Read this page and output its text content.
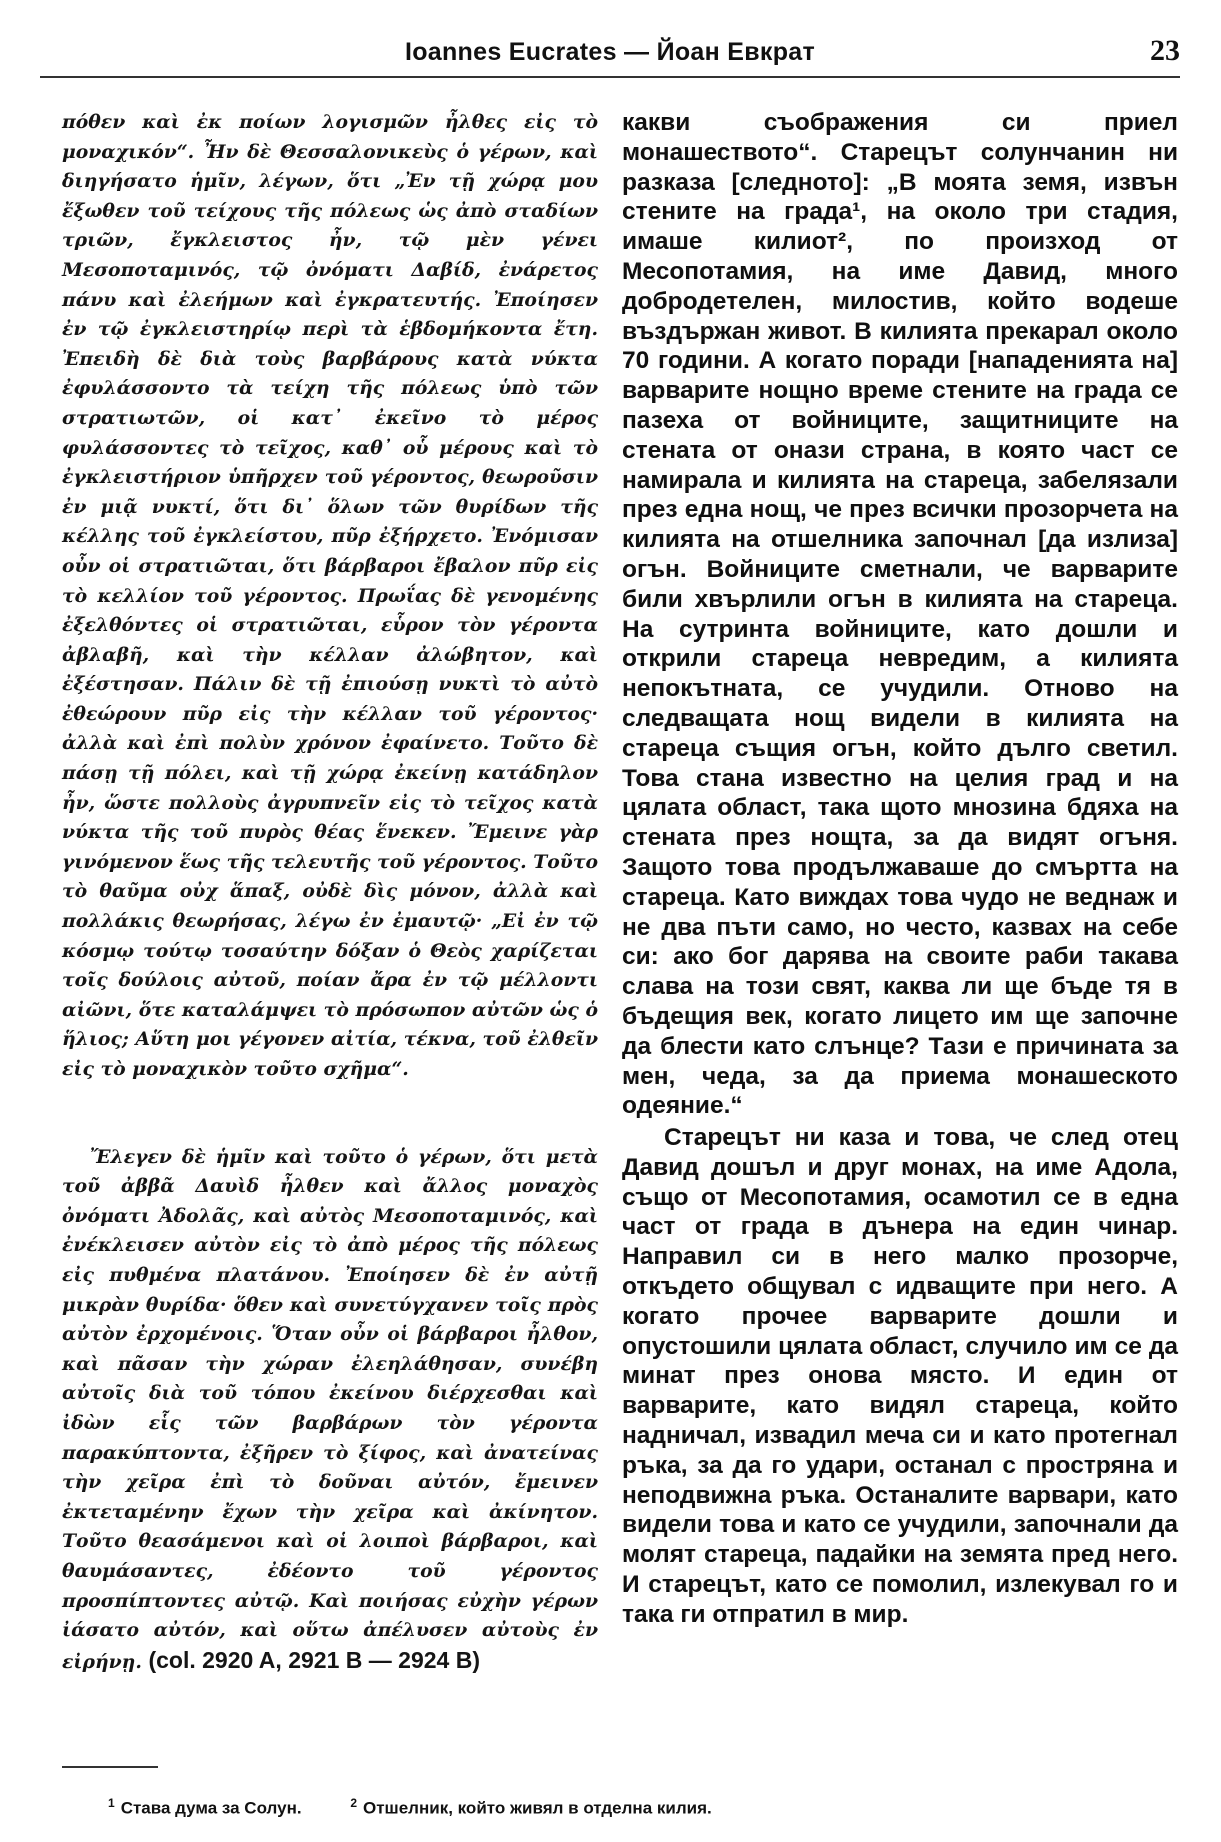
Ioannes Eucrates — Йоан Евкрат	23

πόθεν καὶ ἐκ ποίων λογισμῶν ἦλθες εἰς τὸ μοναχικόν“. Ἦν δὲ Θεσσαλονικεὺς ὁ γέρων, καὶ διηγήσατο ἡμῖν, λέγων, ὅτι „Ἐν τῇ χώρᾳ μου ἔξωθεν τοῦ τείχους τῆς πόλεως ὡς ἀπὸ σταδίων τριῶν, ἔγκλειστος ἦν, τῷ μὲν γένει Μεσοποταμινός, τῷ ὀνόματι Δαβίδ, ἐνάρετος πάνυ καὶ ἐλεήμων καὶ ἐγκρατευτής. Ἐποίησεν ἐν τῷ ἐγκλειστηρίῳ περὶ τὰ ἑβδομήκοντα ἔτη. Ἐπειδὴ δὲ διὰ τοὺς βαρβάρους κατὰ νύκτα ἐφυλάσσοντο τὰ τείχη τῆς πόλεως ὑπὸ τῶν στρατιωτῶν, οἱ κατ᾽ ἐκεῖνο τὸ μέρος φυλάσσοντες τὸ τεῖχος, καθ᾽ οὗ μέρους καὶ τὸ ἐγκλειστήριον ὑπῆρχεν τοῦ γέροντος, θεωροῦσιν ἐν μιᾷ νυκτί, ὅτι δι᾽ ὅλων τῶν θυρίδων τῆς κέλλης τοῦ ἐγκλείστου, πῦρ ἐξήρχετο. Ἐνόμισαν οὖν οἱ στρατιῶται, ὅτι βάρβαροι ἔβαλον πῦρ εἰς τὸ κελλίον τοῦ γέροντος. Πρωΐας δὲ γενομένης ἐξελθόντες οἱ στρατιῶται, εὗρον τὸν γέροντα ἀβλαβῆ, καὶ τὴν κέλλαν ἀλώβητον, καὶ ἐξέστησαν. Πάλιν δὲ τῇ ἐπιούσῃ νυκτὶ τὸ αὐτὸ ἐθεώρουν πῦρ εἰς τὴν κέλλαν τοῦ γέροντος· ἀλλὰ καὶ ἐπὶ πολὺν χρόνον ἐφαίνετο. Τοῦτο δὲ πάσῃ τῇ πόλει, καὶ τῇ χώρᾳ ἐκείνῃ κατάδηλον ἦν, ὥστε πολλοὺς ἀγρυπνεῖν εἰς τὸ τεῖχος κατὰ νύκτα τῆς τοῦ πυρὸς θέας ἕνεκεν. Ἔμεινε γὰρ γινόμενον ἕως τῆς τελευτῆς τοῦ γέροντος. Τοῦτο τὸ θαῦμα οὐχ ἅπαξ, οὐδὲ δὶς μόνον, ἀλλὰ καὶ πολλάκις θεωρήσας, λέγω ἐν ἐμαυτῷ· „Εἰ ἐν τῷ κόσμῳ τούτῳ τοσαύτην δόξαν ὁ Θεὸς χαρίζεται τοῖς δούλοις αὐτοῦ, ποίαν ἄρα ἐν τῷ μέλλοντι αἰῶνι, ὅτε καταλάμψει τὸ πρόσωπον αὐτῶν ὡς ὁ ἥλιος; Αὕτη μοι γέγονεν αἰτία, τέκνα, τοῦ ἐλθεῖν εἰς τὸ μοναχικὸν τοῦτο σχῆμα“.

Ἔλεγεν δὲ ἡμῖν καὶ τοῦτο ὁ γέρων, ὅτι μετὰ τοῦ ἀββᾶ Δαυὶδ ἦλθεν καὶ ἄλλος μοναχὸς ὀνόματι Ἀδολᾶς, καὶ αὐτὸς Μεσοποταμινός, καὶ ἐνέκλεισεν αὐτὸν εἰς τὸ ἀπὸ μέρος τῆς πόλεως εἰς πυθμένα πλατάνου. Ἐποίησεν δὲ ἐν αὐτῇ μικρὰν θυρίδα· ὅθεν καὶ συνετύγχανεν τοῖς πρὸς αὐτὸν ἐρχομένοις. Ὅταν οὖν οἱ βάρβαροι ἦλθον, καὶ πᾶσαν τὴν χώραν ἐλεηλάθησαν, συνέβη αὐτοῖς διὰ τοῦ τόπου ἐκείνου διέρχεσθαι καὶ ἰδὼν εἷς τῶν βαρβάρων τὸν γέροντα παρακύπτοντα, ἐξῆρεν τὸ ξίφος, καὶ ἀνατείνας τὴν χεῖρα ἐπὶ τὸ δοῦναι αὐτόν, ἔμεινεν ἐκτεταμένην ἔχων τὴν χεῖρα καὶ ἀκίνητον. Τοῦτο θεασάμενοι καὶ οἱ λοιποὶ βάρβαροι, καὶ θαυμάσαντες, ἐδέοντο τοῦ γέροντος προσπίπτοντες αὐτῷ. Καὶ ποιήσας εὐχὴν γέρων ἰάσατο αὐτόν, καὶ οὕτω ἀπέλυσεν αὐτοὺς ἐν εἰρήνῃ. (col. 2920 A, 2921 B — 2924 B)

какви съображения си приел монашеството“. Старецът солунчанин ни разказа [следното]: „В моята земя, извън стените на града¹, на около три стадия, имаше килиот², по произход от Месопотамия, на име Давид, много добродетелен, милостив, който водеше въздържан живот. В килията прекарал около 70 години. А когато поради [нападенията на] варварите нощно време стените на града се пазеха от войниците, защитниците на стената от онази страна, в която част се намирала и килията на стареца, забелязали през една нощ, че през всички прозорчета на килията на отшелника започнал [да излиза] огън. Войниците сметнали, че варварите били хвърлили огън в килията на стареца. На сутринта войниците, като дошли и открили стареца невредим, а килията непокътната, се учудили. Отново на следващата нощ видели в килията на стареца същия огън, който дълго светил. Това стана известно на целия град и на цялата област, така щото мнозина бдяха на стената през нощта, за да видят огъня. Защото това продължаваше до смъртта на стареца. Като виждах това чудо не веднаж и не два пъти само, но често, казвах на себе си: ако бог дарява на своите раби такава слава на този свят, каква ли ще бъде тя в бъдещия век, когато лицето им ще започне да блести като слънце? Тази е причината за мен, чеда, за да приема монашеското одеяние.“

Старецът ни каза и това, че след отец Давид дошъл и друг монах, на име Адола, също от Месопотамия, осамотил се в една част от града в дънера на един чинар. Направил си в него малко прозорче, откъдето общувал с идващите при него. А когато прочее варварите дошли и опустошили цялата област, случило им се да минат през онова място. И един от варварите, като видял стареца, който надничал, извадил меча си и като протегнал ръка, за да го удари, останал с простряна и неподвижна ръка. Останалите варвари, като видели това и като се учудили, започнали да молят стареца, падайки на земята пред него. И старецът, като се помолил, излекувал го и така ги отпратил в мир.

$^1$ Става дума за Солун.	$^2$ Отшелник, който живял в отделна килия.
